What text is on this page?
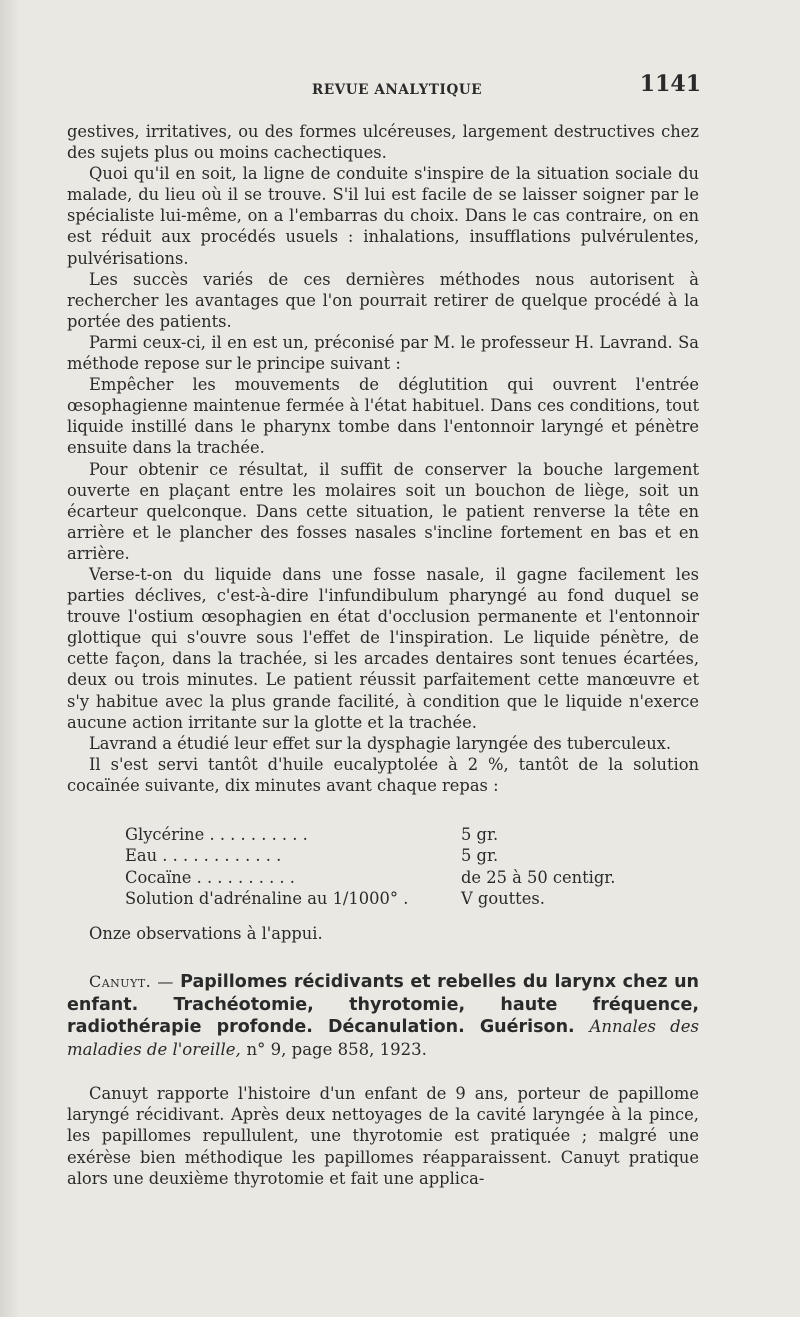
REVUE ANALYTIQUE	1141

gestives, irritatives, ou des formes ulcéreuses, largement destructives chez des sujets plus ou moins cachectiques.

Quoi qu'il en soit, la ligne de conduite s'inspire de la situation sociale du malade, du lieu où il se trouve. S'il lui est facile de se laisser soigner par le spécialiste lui-même, on a l'embarras du choix. Dans le cas contraire, on en est réduit aux procédés usuels : inhalations, insufflations pulvérulentes, pulvérisations.

Les succès variés de ces dernières méthodes nous autorisent à rechercher les avantages que l'on pourrait retirer de quelque procédé à la portée des patients.

Parmi ceux-ci, il en est un, préconisé par M. le professeur H. Lavrand. Sa méthode repose sur le principe suivant :

Empêcher les mouvements de déglutition qui ouvrent l'entrée œsophagienne maintenue fermée à l'état habituel. Dans ces conditions, tout liquide instillé dans le pharynx tombe dans l'entonnoir laryngé et pénètre ensuite dans la trachée.

Pour obtenir ce résultat, il suffit de conserver la bouche largement ouverte en plaçant entre les molaires soit un bouchon de liège, soit un écarteur quelconque. Dans cette situation, le patient renverse la tête en arrière et le plancher des fosses nasales s'incline fortement en bas et en arrière.

Verse-t-on du liquide dans une fosse nasale, il gagne facilement les parties déclives, c'est-à-dire l'infundibulum pharyngé au fond duquel se trouve l'ostium œsophagien en état d'occlusion permanente et l'entonnoir glottique qui s'ouvre sous l'effet de l'inspiration. Le liquide pénètre, de cette façon, dans la trachée, si les arcades dentaires sont tenues écartées, deux ou trois minutes. Le patient réussit parfaitement cette manœuvre et s'y habitue avec la plus grande facilité, à condition que le liquide n'exerce aucune action irritante sur la glotte et la trachée.

Lavrand a étudié leur effet sur la dysphagie laryngée des tuberculeux.

Il s'est servi tantôt d'huile eucalyptolée à 2 %, tantôt de la solution cocaïnée suivante, dix minutes avant chaque repas :

Glycérine . . . . . . . . . .	5 gr.
Eau . . . . . . . . . . . .	5 gr.
Cocaïne . . . . . . . . . .	de 25 à 50 centigr.
Solution d'adrénaline au 1/1000° .	V gouttes.

Onze observations à l'appui.

Canuyt. — Papillomes récidivants et rebelles du larynx chez un enfant. Trachéotomie, thyrotomie, haute fréquence, radiothérapie profonde. Décanulation. Guérison. Annales des maladies de l'oreille, n° 9, page 858, 1923.

Canuyt rapporte l'histoire d'un enfant de 9 ans, porteur de papillome laryngé récidivant. Après deux nettoyages de la cavité laryngée à la pince, les papillomes repullulent, une thyrotomie est pratiquée ; malgré une exérèse bien méthodique les papillomes réapparaissent. Canuyt pratique alors une deuxième thyrotomie et fait une applica-
